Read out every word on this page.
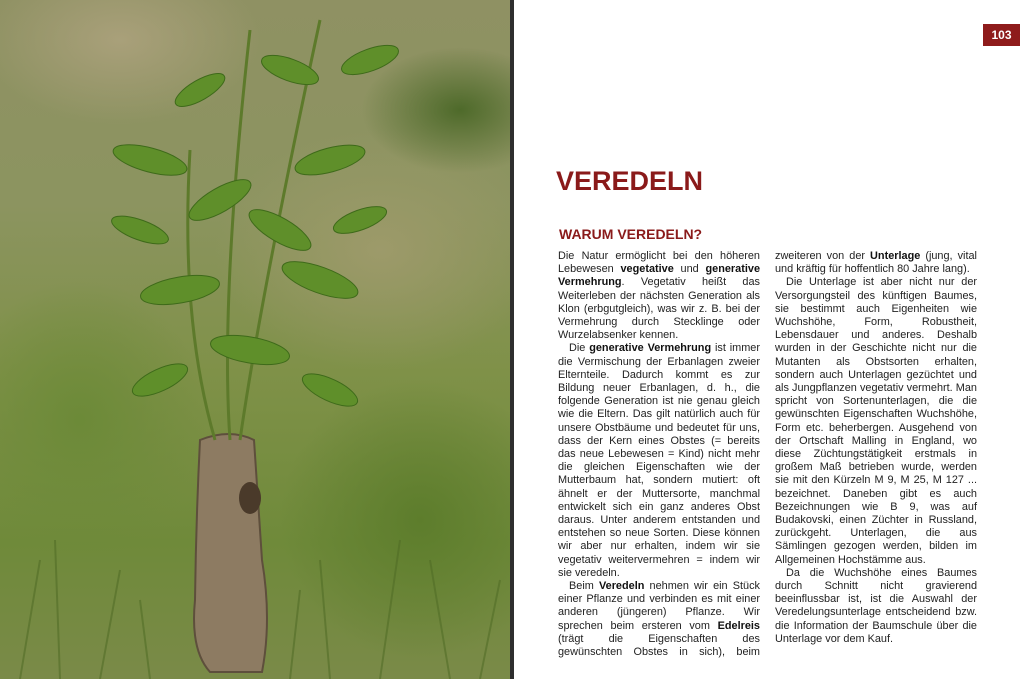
103
VEREDELN
WARUM VEREDELN?

Die Natur ermöglicht bei den höheren Lebewesen vegetative und generative Vermehrung. Vegetativ heißt das Weiterleben der nächsten Generation als Klon (erbgutgleich), was wir z. B. bei der Vermehrung durch Stecklinge oder Wurzelabsenker kennen.

Die generative Vermehrung ist immer die Vermischung der Erbanlagen zweier Elternteile. Dadurch kommt es zur Bildung neuer Erbanlagen, d. h., die folgende Generation ist nie genau gleich wie die Eltern. Das gilt natürlich auch für unsere Obstbäume und bedeutet für uns, dass der Kern eines Obstes (= bereits das neue Lebewesen = Kind) nicht mehr die gleichen Eigenschaften wie der Mutterbaum hat, sondern mutiert: oft ähnelt er der Muttersorte, manchmal entwickelt sich ein ganz anderes Obst daraus. Unter anderem entstanden und entstehen so neue Sorten. Diese können wir aber nur erhalten, indem wir sie vegetativ weitervermehren = indem wir sie veredeln.

Beim Veredeln nehmen wir ein Stück einer Pflanze und verbinden es mit einer anderen (jüngeren) Pflanze. Wir sprechen beim ersteren vom Edelreis (trägt die Eigenschaften des gewünschten Obstes in sich), beim zweiteren von der Unterlage (jung, vital und kräftig für hoffentlich 80 Jahre lang).

Die Unterlage ist aber nicht nur der Versorgungsteil des künftigen Baumes, sie bestimmt auch Eigenheiten wie Wuchshöhe, Form, Robustheit, Lebensdauer und anderes. Deshalb wurden in der Geschichte nicht nur die Mutanten als Obstsorten erhalten, sondern auch Unterlagen gezüchtet und als Jungpflanzen vegetativ vermehrt. Man spricht von Sortenunterlagen, die die gewünschten Eigenschaften Wuchshöhe, Form etc. beherbergen. Ausgehend von der Ortschaft Malling in England, wo diese Züchtungstätigkeit erstmals in großem Maß betrieben wurde, werden sie mit den Kürzeln M 9, M 25, M 127 ... bezeichnet. Daneben gibt es auch Bezeichnungen wie B 9, was auf Budakovski, einen Züchter in Russland, zurückgeht. Unterlagen, die aus Sämlingen gezogen werden, bilden im Allgemeinen Hochstämme aus.

Da die Wuchshöhe eines Baumes durch Schnitt nicht gravierend beeinflussbar ist, ist die Auswahl der Veredelungsunterlage entscheidend bzw. die Information der Baumschule über die Unterlage vor dem Kauf.
